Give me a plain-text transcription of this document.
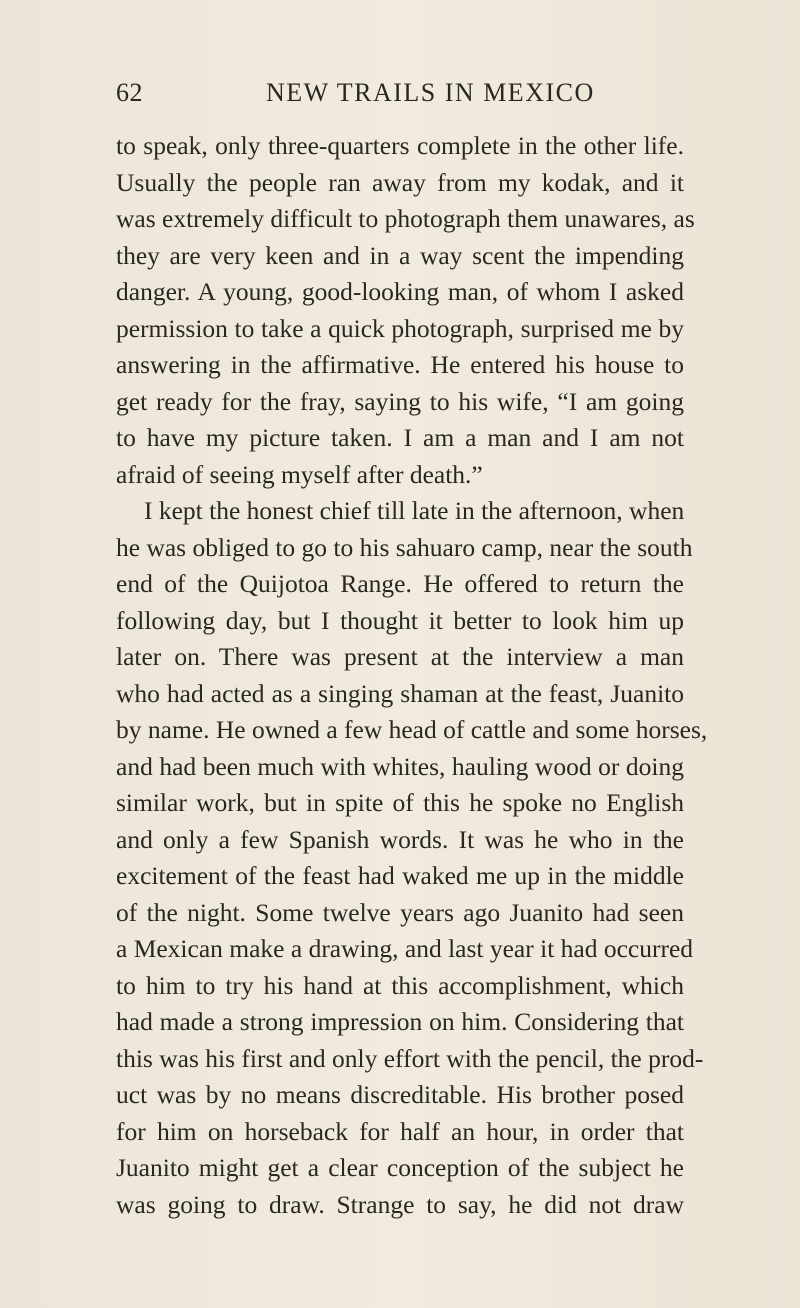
62	NEW TRAILS IN MEXICO
to speak, only three-quarters complete in the other life.
Usually the people ran away from my kodak, and it
was extremely difficult to photograph them unawares, as
they are very keen and in a way scent the impending
danger. A young, good-looking man, of whom I asked
permission to take a quick photograph, surprised me by
answering in the affirmative. He entered his house to
get ready for the fray, saying to his wife, “I am going
to have my picture taken. I am a man and I am not
afraid of seeing myself after death.”
I kept the honest chief till late in the afternoon, when
he was obliged to go to his sahuaro camp, near the south
end of the Quijotoa Range. He offered to return the
following day, but I thought it better to look him up
later on. There was present at the interview a man
who had acted as a singing shaman at the feast, Juanito
by name. He owned a few head of cattle and some horses,
and had been much with whites, hauling wood or doing
similar work, but in spite of this he spoke no English
and only a few Spanish words. It was he who in the
excitement of the feast had waked me up in the middle
of the night. Some twelve years ago Juanito had seen
a Mexican make a drawing, and last year it had occurred
to him to try his hand at this accomplishment, which
had made a strong impression on him. Considering that
this was his first and only effort with the pencil, the prod-
uct was by no means discreditable. His brother posed
for him on horseback for half an hour, in order that
Juanito might get a clear conception of the subject he
was going to draw. Strange to say, he did not draw
